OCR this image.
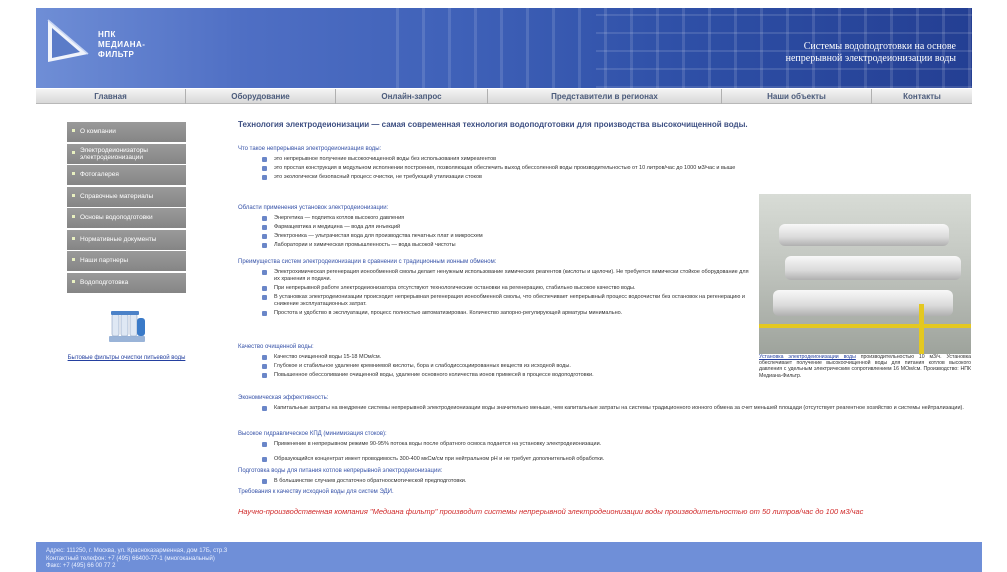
НПК
МЕДИАНА-
ФИЛЬТР
Системы водоподготовки на основе
непрерывной электродеионизации воды
Главная	Оборудование	Онлайн-запрос	Представители в регионах	Наши объекты	Контакты
О компании
Электродеионизаторы электродеионизации
Фотогалерея
Справочные материалы
Основы водоподготовки
Нормативные документы
Наши партнеры
Водоподготовка
Бытовые фильтры очистки питьевой воды
Технология электродеионизации — самая современная технология водоподготовки для производства высокочищенной воды.
Что такое непрерывная электродеионизация воды:
это непрерывное получение высокоочищенной воды без использования химреагентов
это простая конструкция в модульном исполнении построения, позволяющая обеспечить выход обессоленной воды производительностью от 10 литров/час до 1000 м3/час и выше
это экологически безопасный процесс очистки, не требующий утилизации стоков
Области применения установок электродеионизации:
Энергетика — подпитка котлов высокого давления
Фармацевтика и медицина — вода для инъекций
Электроника — ультрачистая вода для производства печатных плат и микросхем
Лаборатории и химическая промышленность — вода высокой чистоты
Преимущества систем электродеионизации в сравнении с традиционным ионным обменом:
Электрохимическая регенерация ионообменной смолы делает ненужным использование химических реагентов (кислоты и щелочи). Не требуется химически стойкое оборудование для их хранения и подачи.
При непрерывной работе электродеионизатора отсутствуют технологические остановки на регенерацию, стабильно высокое качество воды.
В установках электродеионизации происходит непрерывная регенерация ионообменной смолы, что обеспечивает непрерывный процесс водоочистки без остановок на регенерацию и снижение эксплуатационных затрат.
Простота и удобство в эксплуатации, процесс полностью автоматизирован. Количество запорно-регулирующей арматуры минимально.
Качество очищенной воды:
Качество очищенной воды 15-18 МОм/см.
Глубокое и стабильное удаление кремниевой кислоты, бора и слабодиссоциированных веществ из исходной воды.
Повышенное обессоливание очищенной воды, удаление основного количества ионов примесей в процессе водоподготовки.
Экономическая эффективность:
Капитальные затраты на внедрение системы непрерывной электродеионизации воды значительно меньше, чем капитальные затраты на системы традиционного ионного обмена за счет меньшей площади (отсутствует реагентное хозяйство и системы нейтрализации).
Высокое гидравлическое КПД (минимизация стоков):
Применение в непрерывном режиме 90-95% потока воды после обратного осмоса подается на установку электродеионизации.
Образующийся концентрат имеет проводимость 300-400 мкСм/см при нейтральном pH и не требует дополнительной обработки.
Подготовка воды для питания котлов непрерывной электродеионизации:
В большинстве случаев достаточно обратноосмотической предподготовки.
Требования к качеству исходной воды для систем ЭДИ.
Установка электродеионизации воды производительностью 10 м3/ч. Установка обеспечивает получение высокоочищенной воды для питания котлов высокого давления с удельным электрическим сопротивлением 16 МОм/см. Производство: НПК Медиана-Фильтр.
Научно-производственная компания "Медиана фильтр" производит системы непрерывной электродеионизации воды производительностью от 50 литров/час до 100 м3/час
Адрес: 111250, г. Москва, ул. Красноказарменная, дом 17Б, стр.3
Контактный телефон: +7 (495) 66400-77-1 (многоканальный)
Факс: +7 (495) 66 00 77 2
